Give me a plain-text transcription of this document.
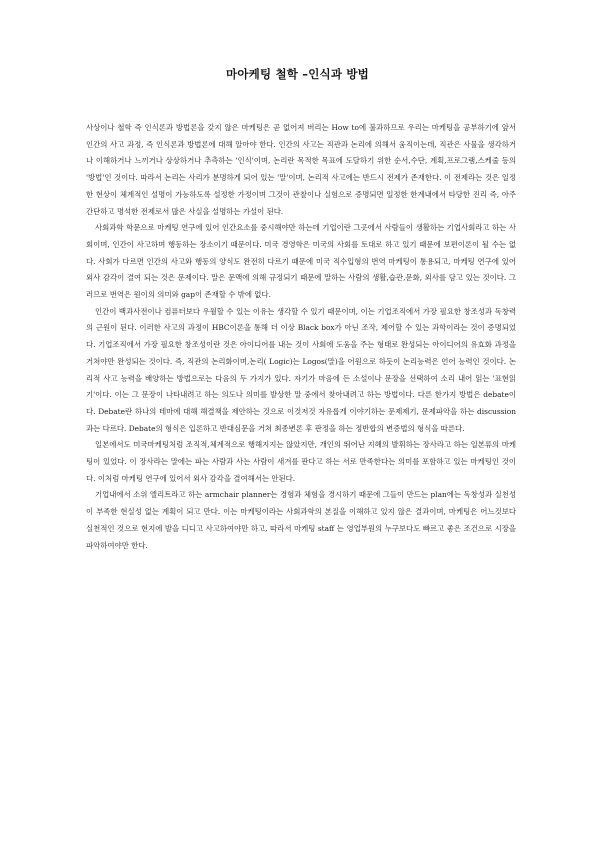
마아케팅 철학 –인식과 방법

사상이나 철학 즉 인식론과 방법론을 갖지 않은 마케팅은 곧 없어져 버리는 How to에 불과하므로 우리는 마케팅을 공부하기에 앞서 인간의 사고 과정, 즉 인식론과 방법론에 대해 알아야 한다. 인간의 사고는 직관과 논리에 의해서 움직이는데, 직관은 사물을 생각하거나 이해하거나 느끼거나 상상하거나 추측하는 '인식'이며, 논리란 목적한 목표에 도달하기 위한 순서,수단, 계획,프로그램,스케줄 등의 '방법'인 것이다. 따라서 논리는 사리가 분명하게 되어 있는 '말'이며, 논리적 사고에는 반드시 전제가 존재한다. 이 전제라는 것은 일정한 현상이 체계적인 설명이 가능하도록 설정한 가정이며 그것이 관찰이나 실험으로 증명되면 일정한 한계내에서 타당한 진리 즉, 아주 간단하고 명석한 전제로서 많은 사실을 설명하는 가설이 된다.

사회과학 학문으로 마케팅 연구에 있어 인간요소를 중시해야만 하는데 기업이란 그곳에서 사람들이 생활하는 기업사회라고 하는 사회이며, 인간이 사고하며 행동하는 장소이기 때문이다. 미국 경영학은 미국의 사회를 토대로 하고 있기 때문에 보편이론이 될 수는 없다. 사회가 다르면 인간의 사고와 행동의 양식도 완전히 다르기 때문에 미국 직수입형의 번역 마케팅이 통용되고, 마케팅 연구에 있어 외사 감각이 결여 되는 것은 문제이다. 말은 문맥에 의해 규정되기 때문에 말하는 사람의 생활,습관,문화, 외사를 담고 있는 것이다. 그러므로 번역은 원이의 의미와 gap이 존재할 수 밖에 없다.

인간이 백과사전이나 컴퓨터보다 우월할 수 있는 이유는 생각할 수 있기 때문이며, 이는 기업조직에서 가장 필요한 창조성과 독창력의 근원이 된다. 이러한 사고의 과정이 HBC이론을 통해 더 이상 Black box가 아닌 조작, 제어할 수 있는 과학이라는 것이 증명되었다. 기업조직에서 가장 필요한 창조성이란 것은 아이디어를 내는 것이 사회에 도움을 주는 형태로 완성되는 아이디어의 유효화 과정을 거쳐야만 완성되는 것이다. 즉, 직관의 논리화이며,논리( Logic)는 Logos(말)을 어원으로 하듯이 논리능력은 언어 능력인 것이다. 논리적 사고 능력을 배양하는 방법으로는 다음의 두 가지가 있다. 자기가 마음에 든 소설이나 문장을 선택하여 소리 내어 읽는 '표현읽기'이다. 이는 그 문장이 나타내려고 하는 의도나 의미를 발상한 말 중에서 찾아내려고 하는 방법이다. 다른 한가지 방법은 debate이다. Debate란 하나의 테마에 대해 해결책을 제안하는 것으로 이것저것 자유롭게 이야기하는 문제제기, 문제파악을 하는 discussion과는 다르다. Debate의 형식은 입론하고 반대심문을 거쳐 최종변론 후 판정을 하는 정반합의 변증법의 형식을 따른다.

일본에서도 미국마케팅처럼 조직적,체계적으로 행해지지는 않았지만, 개인의 뛰어난 지혜의 발휘하는 장사라고 하는 일본류의 마케팅이 있었다. 이 장사라는 말에는 파는 사람과 사는 사람이 새겨를 판다고 하는 서로 만족한다는 의미를 포함하고 있는 마케팅인 것이다. 이처럼 마케팅 연구에 있어서 외사 감각을 결여해서는 안된다.

기업내에서 소위 엘리트라고 하는 armchair planner는 경험과 체험을 경시하기 때문에 그들이 만드는 plan에는 독창성과 실천성이 부족한 현실성 없는 계획이 되고 만다. 이는 마케팅이라는 사회과학의 본질을 이해하고 있지 않은 결과이며, 마케팅은 어느것보다 실천적인 것으로 현지에 발을 디디고 사고하여야만 하고, 따라서 마케팅 staff 는 영업부원의 누구보다도 빠르고 좋은 조건으로 시장을 파악하여야만 한다.
